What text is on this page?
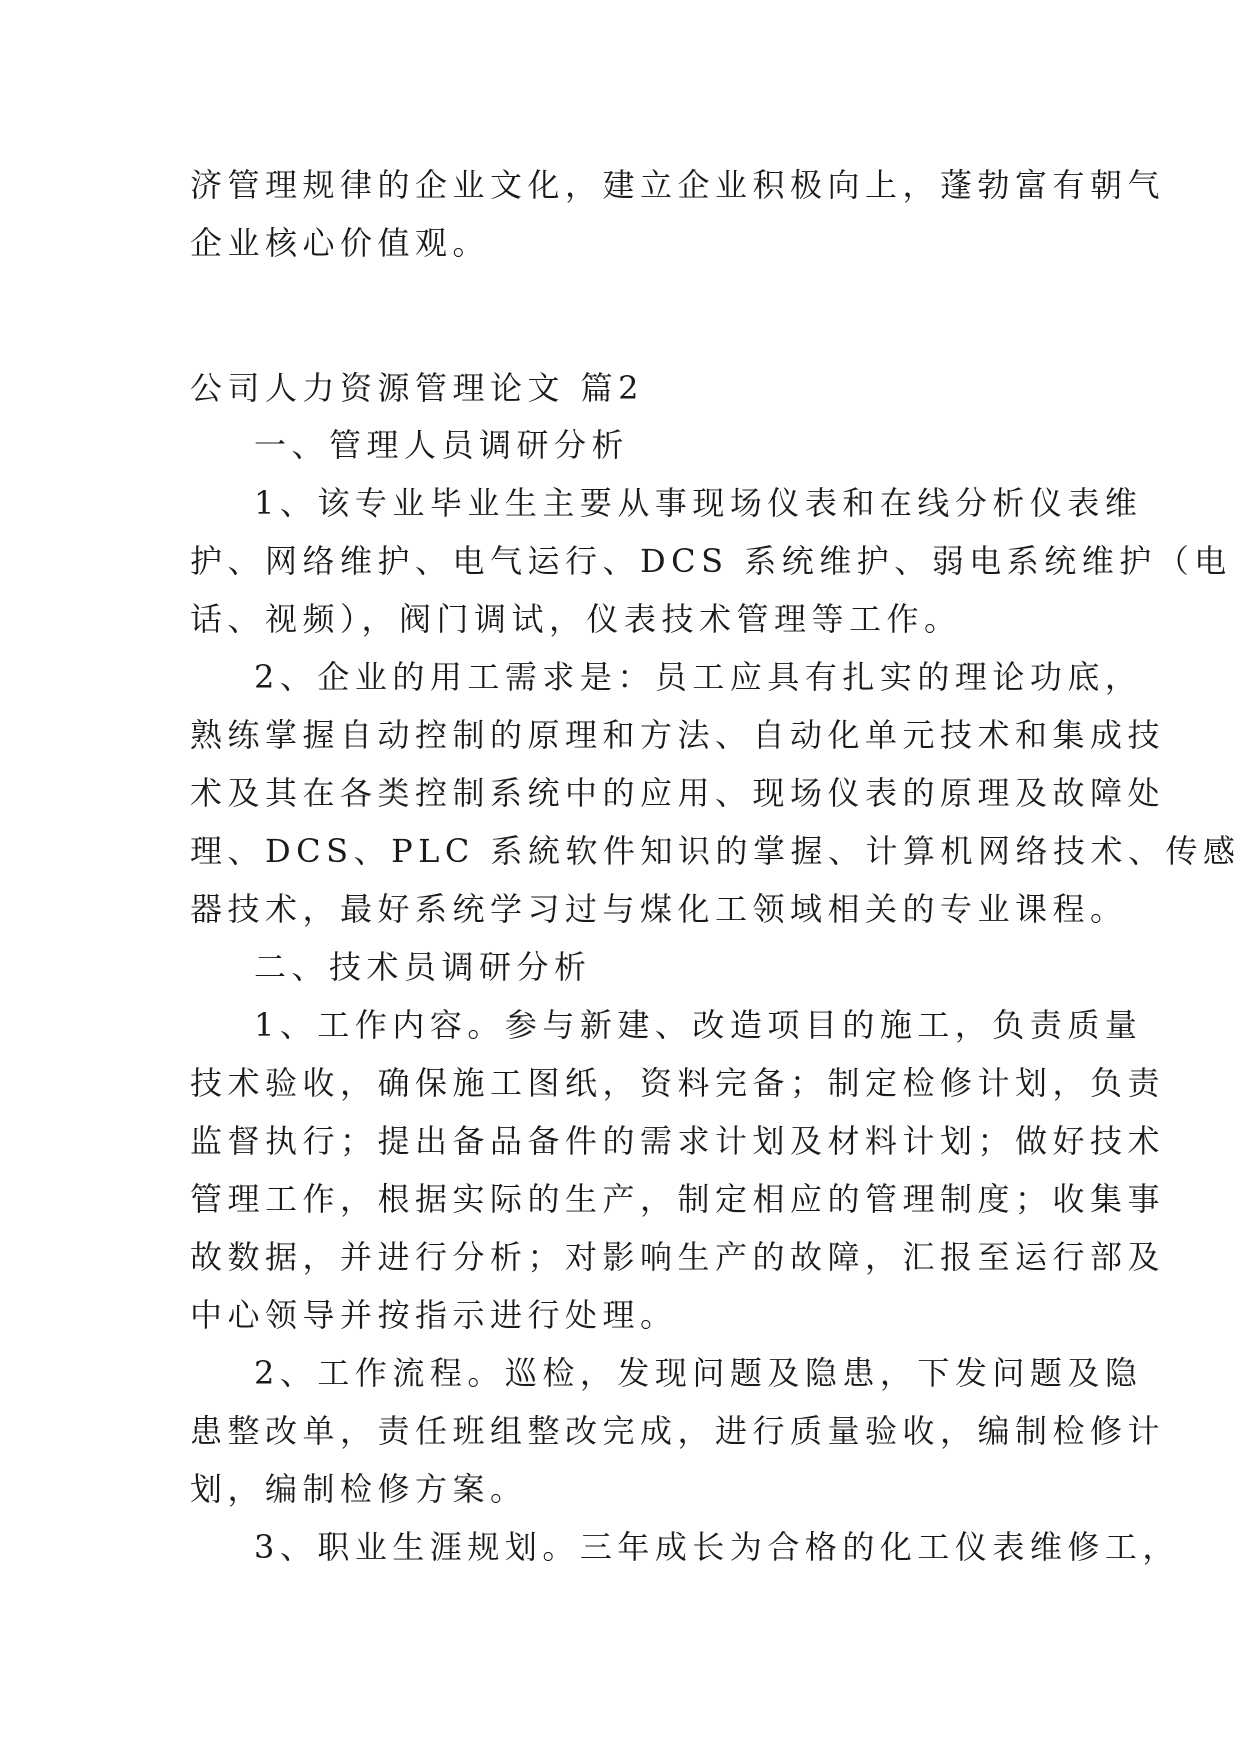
济管理规律的企业文化，建立企业积极向上，蓬勃富有朝气

企业核心价值观。

公司人力资源管理论文 篇2

一、管理人员调研分析

1、该专业毕业生主要从事现场仪表和在线分析仪表维

护、网络维护、电气运行、DCS 系统维护、弱电系统维护（电

话、视频），阀门调试，仪表技术管理等工作。

2、企业的用工需求是：员工应具有扎实的理论功底，

熟练掌握自动控制的原理和方法、自动化单元技术和集成技

术及其在各类控制系统中的应用、现场仪表的原理及故障处

理、DCS、PLC 系統软件知识的掌握、计算机网络技术、传感

器技术，最好系统学习过与煤化工领域相关的专业课程。

二、技术员调研分析

1、工作内容。参与新建、改造项目的施工，负责质量

技术验收，确保施工图纸，资料完备；制定检修计划，负责

监督执行；提出备品备件的需求计划及材料计划；做好技术

管理工作，根据实际的生产，制定相应的管理制度；收集事

故数据，并进行分析；对影响生产的故障，汇报至运行部及

中心领导并按指示进行处理。

2、工作流程。巡检，发现问题及隐患，下发问题及隐

患整改单，责任班组整改完成，进行质量验收，编制检修计

划，编制检修方案。

3、职业生涯规划。三年成长为合格的化工仪表维修工，
